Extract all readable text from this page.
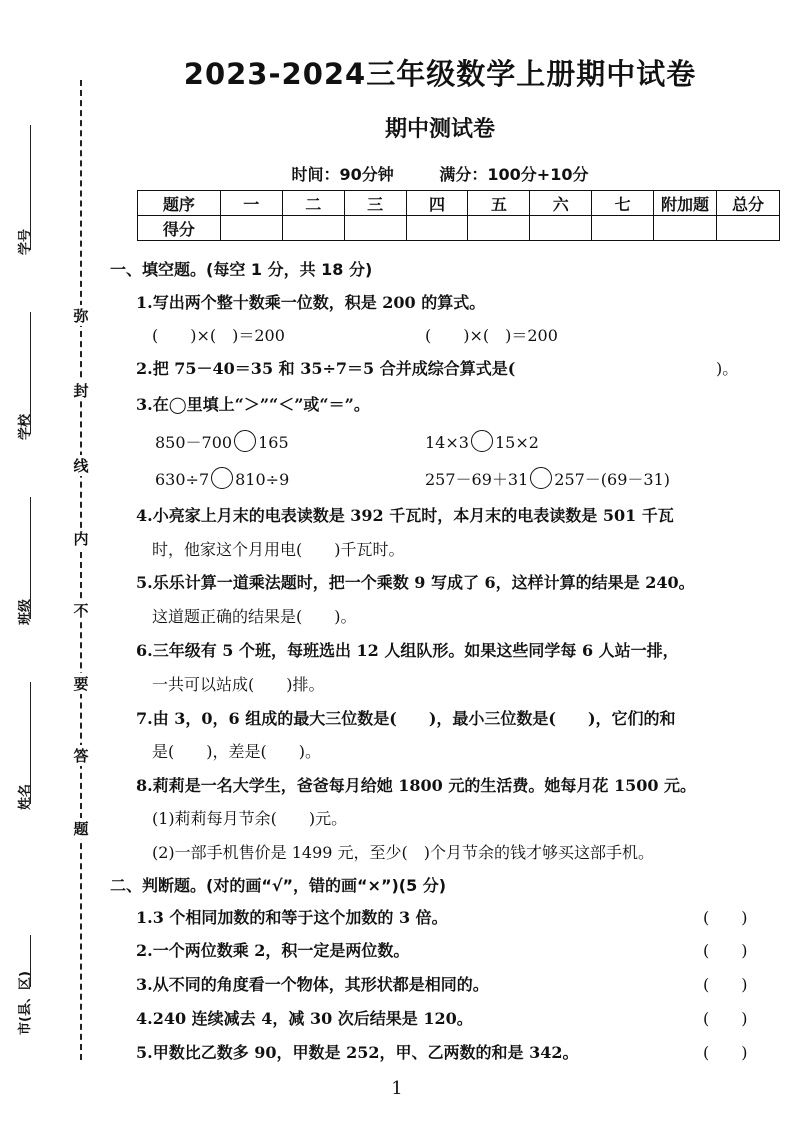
学号
学校
班级
姓名
市(县、区)
弥
封
线
内
不
要
答
题
2023-2024三年级数学上册期中试卷
期中测试卷
时间：90分钟	满分：100分+10分
题序	一	二	三	四	五	六	七	附加题	总分
得分									
一、填空题。(每空 1 分，共 18 分)
1.写出两个整十数乘一位数，积是 200 的算式。
(　　)×(　)＝200	(　　)×(　)＝200
2.把 75－40＝35 和 35÷7＝5 合并成综合算式是(	)。
3.在◯里填上“＞”“＜”或“＝”。
850－700 165	14×3 15×2
630÷7 810÷9	257－69＋31 257－(69－31)
4.小亮家上月末的电表读数是 392 千瓦时，本月末的电表读数是 501 千瓦
时，他家这个月用电(　　)千瓦时。
5.乐乐计算一道乘法题时，把一个乘数 9 写成了 6，这样计算的结果是 240。
这道题正确的结果是(　　)。
6.三年级有 5 个班，每班选出 12 人组队形。如果这些同学每 6 人站一排，
一共可以站成(　　)排。
7.由 3，0，6 组成的最大三位数是(　　)，最小三位数是(　　)，它们的和
是(　　)，差是(　　)。
8.莉莉是一名大学生，爸爸每月给她 1800 元的生活费。她每月花 1500 元。
(1)莉莉每月节余(　　)元。
(2)一部手机售价是 1499 元，至少(　)个月节余的钱才够买这部手机。
二、判断题。(对的画“√”，错的画“×”)(5 分)
1.3 个相同加数的和等于这个加数的 3 倍。	(　　)
2.一个两位数乘 2，积一定是两位数。	(　　)
3.从不同的角度看一个物体，其形状都是相同的。	(　　)
4.240 连续减去 4，减 30 次后结果是 120。	(　　)
5.甲数比乙数多 90，甲数是 252，甲、乙两数的和是 342。	(　　)
1
